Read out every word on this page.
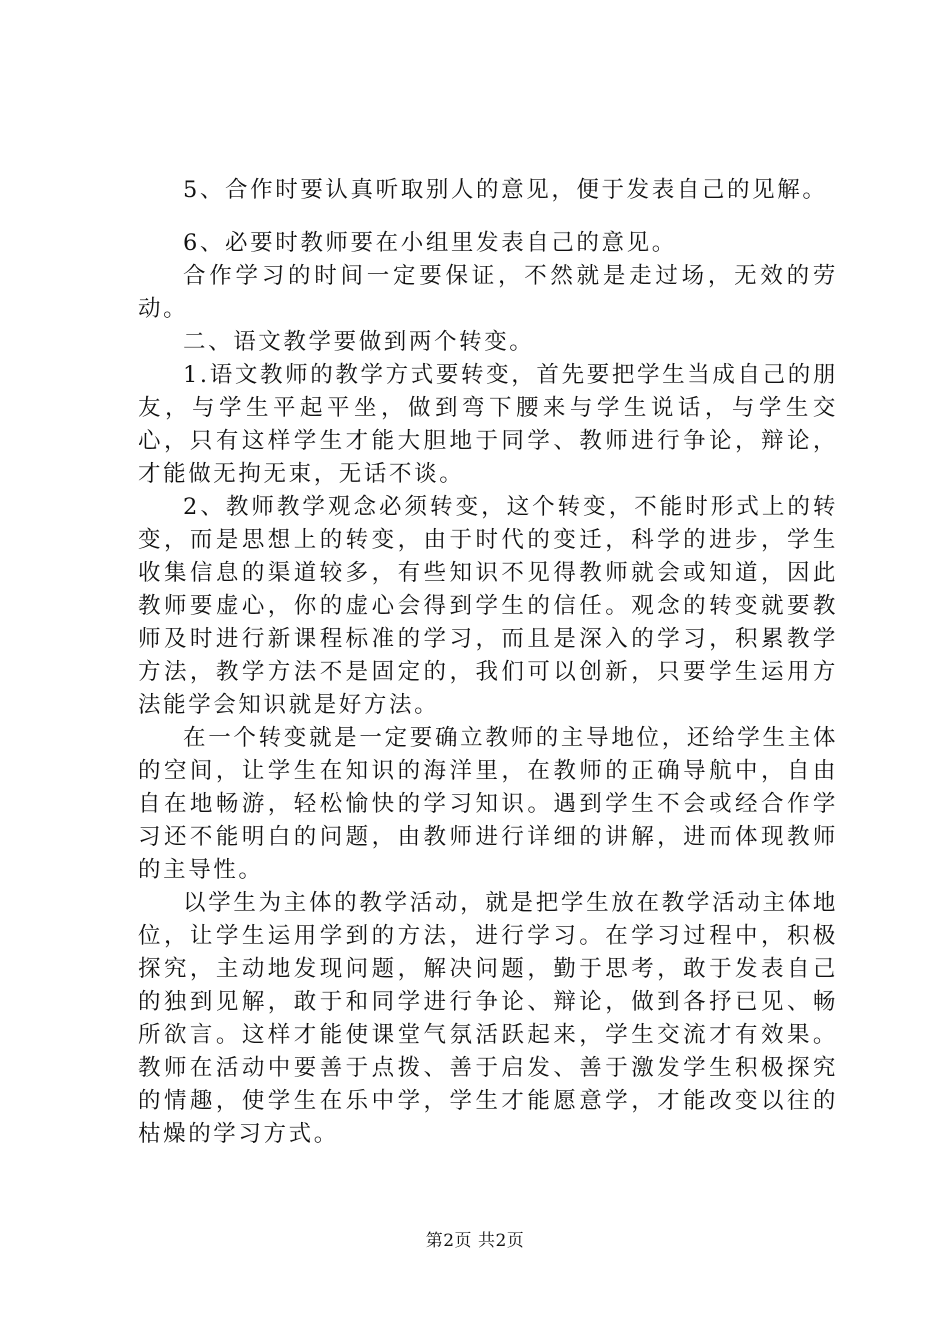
5、合作时要认真听取别人的意见，便于发表自己的见解。

6、必要时教师要在小组里发表自己的意见。

合作学习的时间一定要保证，不然就是走过场，无效的劳动。

二、语文教学要做到两个转变。

1.语文教师的教学方式要转变，首先要把学生当成自己的朋友，与学生平起平坐，做到弯下腰来与学生说话，与学生交心，只有这样学生才能大胆地于同学、教师进行争论，辩论，才能做无拘无束，无话不谈。

2、教师教学观念必须转变，这个转变，不能时形式上的转变，而是思想上的转变，由于时代的变迁，科学的进步，学生收集信息的渠道较多，有些知识不见得教师就会或知道，因此教师要虚心，你的虚心会得到学生的信任。观念的转变就要教师及时进行新课程标准的学习，而且是深入的学习，积累教学方法，教学方法不是固定的，我们可以创新，只要学生运用方法能学会知识就是好方法。

在一个转变就是一定要确立教师的主导地位，还给学生主体的空间，让学生在知识的海洋里，在教师的正确导航中，自由自在地畅游，轻松愉快的学习知识。遇到学生不会或经合作学习还不能明白的问题，由教师进行详细的讲解，进而体现教师的主导性。

以学生为主体的教学活动，就是把学生放在教学活动主体地位，让学生运用学到的方法，进行学习。在学习过程中，积极探究，主动地发现问题，解决问题，勤于思考，敢于发表自己的独到见解，敢于和同学进行争论、辩论，做到各抒已见、畅所欲言。这样才能使课堂气氛活跃起来，学生交流才有效果。教师在活动中要善于点拨、善于启发、善于激发学生积极探究的情趣，使学生在乐中学，学生才能愿意学，才能改变以往的枯燥的学习方式。

第2页 共2页
